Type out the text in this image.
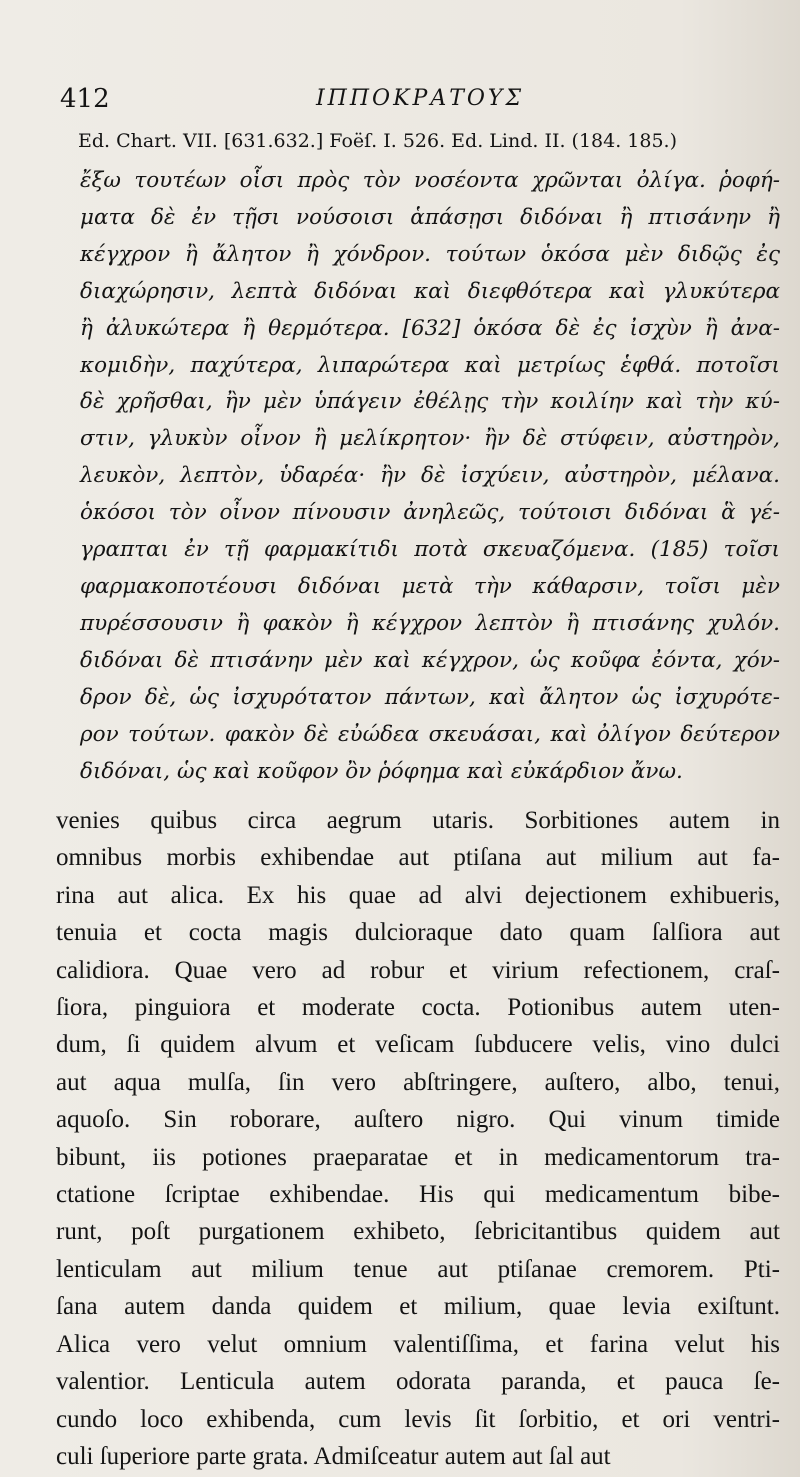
412	ΙΠΠΟΚΡΑΤΟΥΣ
Ed. Chart. VII. [631.632.] Foëſ. I. 526. Ed. Lind. II. (184. 185.)
ἔξω τουτέων οἷσι πρὸς τὸν νοσέοντα χρῶνται ὀλίγα. ῥοφή-
ματα δὲ ἐν τῇσι νούσοισι ἁπάσῃσι διδόναι ἢ πτισάνην ἢ
κέγχρον ἢ ἄλητον ἢ χόνδρον. τούτων ὁκόσα μὲν διδῷς ἐς
διαχώρησιν, λεπτὰ διδόναι καὶ διεφθότερα καὶ γλυκύτερα
ἢ ἀλυκώτερα ἢ θερμότερα. [632] ὁκόσα δὲ ἐς ἰσχὺν ἢ ἀνα-
κομιδὴν, παχύτερα, λιπαρώτερα καὶ μετρίως ἑφθά. ποτοῖσι
δὲ χρῆσθαι, ἢν μὲν ὑπάγειν ἐθέλῃς τὴν κοιλίην καὶ τὴν κύ-
στιν, γλυκὺν οἶνον ἢ μελίκρητον· ἢν δὲ στύφειν, αὐστηρὸν,
λευκὸν, λεπτὸν, ὑδαρέα· ἢν δὲ ἰσχύειν, αὐστηρὸν, μέλανα.
ὁκόσοι τὸν οἶνον πίνουσιν ἀνηλεῶς, τούτοισι διδόναι ἃ γέ-
γραπται ἐν τῇ φαρμακίτιδι ποτὰ σκευαζόμενα. (185) τοῖσι
φαρμακοποτέουσι διδόναι μετὰ τὴν κάθαρσιν, τοῖσι μὲν
πυρέσσουσιν ἢ φακὸν ἢ κέγχρον λεπτὸν ἢ πτισάνης χυλόν.
διδόναι δὲ πτισάνην μὲν καὶ κέγχρον, ὡς κοῦφα ἐόντα, χόν-
δρον δὲ, ὡς ἰσχυρότατον πάντων, καὶ ἄλητον ὡς ἰσχυρότε-
ρον τούτων. φακὸν δὲ εὐώδεα σκευάσαι, καὶ ὀλίγον δεύτερον
διδόναι, ὡς καὶ κοῦφον ὂν ῥόφημα καὶ εὐκάρδιον ἄνω.
venies quibus circa aegrum utaris. Sorbitiones autem in
omnibus morbis exhibendae aut ptiſana aut milium aut fa-
rina aut alica. Ex his quae ad alvi dejectionem exhibueris,
tenuia et cocta magis dulcioraque dato quam ſalſiora aut
calidiora. Quae vero ad robur et virium refectionem, craſ-
ſiora, pinguiora et moderate cocta. Potionibus autem uten-
dum, ſi quidem alvum et veſicam ſubducere velis, vino dulci
aut aqua mulſa, ſin vero abſtringere, auſtero, albo, tenui,
aquoſo. Sin roborare, auſtero nigro. Qui vinum timide
bibunt, iis potiones praeparatae et in medicamentorum tra-
ctatione ſcriptae exhibendae. His qui medicamentum bibe-
runt, poſt purgationem exhibeto, ſebricitantibus quidem aut
lenticulam aut milium tenue aut ptiſanae cremorem. Pti-
ſana autem danda quidem et milium, quae levia exiſtunt.
Alica vero velut omnium valentiſſima, et farina velut his
valentior. Lenticula autem odorata paranda, et pauca ſe-
cundo loco exhibenda, cum levis ſit ſorbitio, et ori ventri-
culi ſuperiore parte grata. Admiſceatur autem aut ſal aut
